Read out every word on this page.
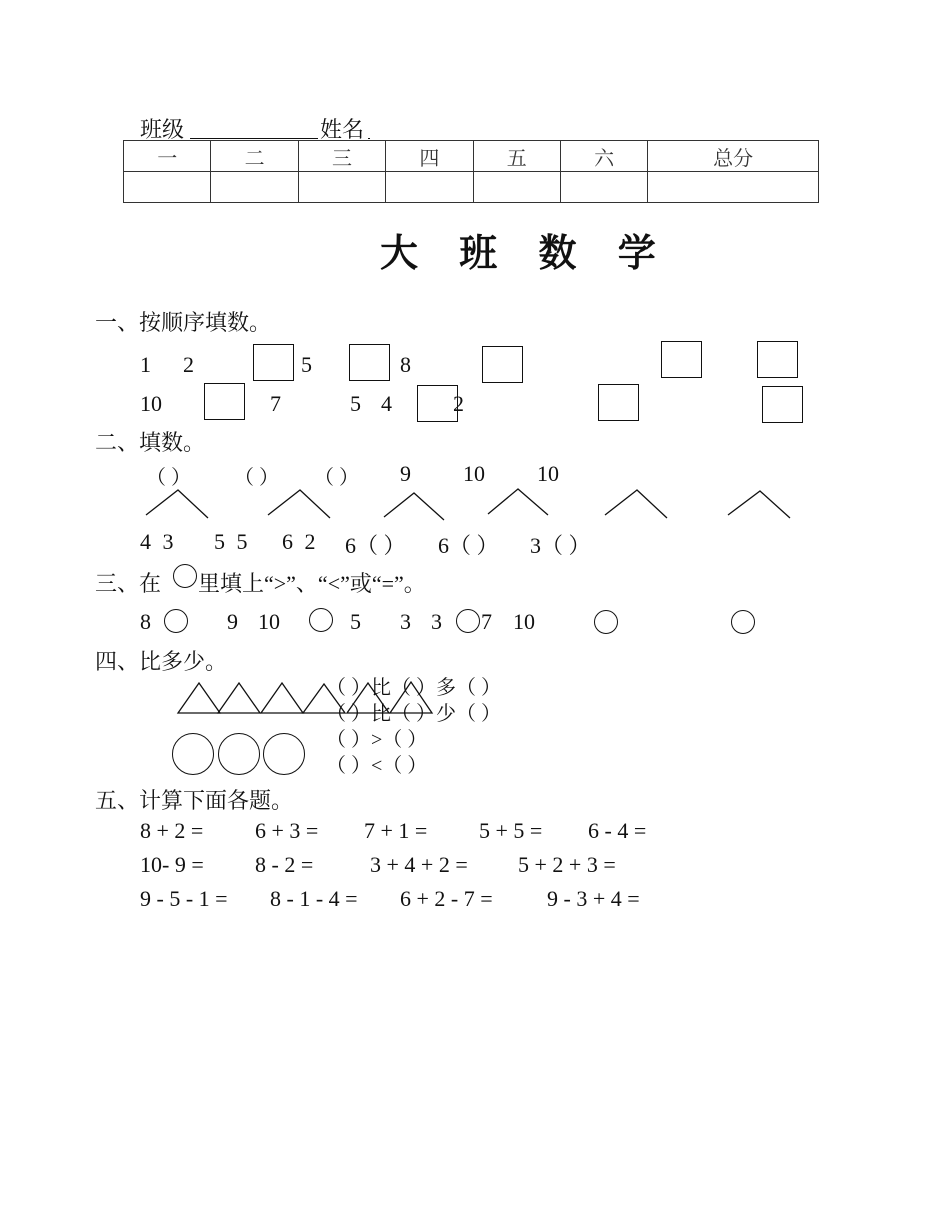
班级	姓名
一	二	三	四	五	六	总分

大 班 数 学
一、按顺序填数。
1 2	5	8
10	7	5 4	2
二、填数。
（ ） （ ） （ ） 9 10 10
4 3 5 5 6 2 6（ ） 6（ ） 3（ ）
三、在 里填上“>”、“<”或“=”。
8	9 10	5 3 3 7 10
四、比多少。
（ ）比（ ）多（ ）
（ ）比（ ）少（ ）
（ ）>（ ）
（ ）<（ ）
五、计算下面各题。
8 + 2 = 6 + 3 = 7 + 1 = 5 + 5 = 6 - 4 =
10- 9 = 8 - 2 =	3 + 4 + 2 = 5 + 2 + 3 =
9 - 5 - 1 = 8 - 1 - 4 = 6 + 2 - 7 = 9 - 3 + 4 =
